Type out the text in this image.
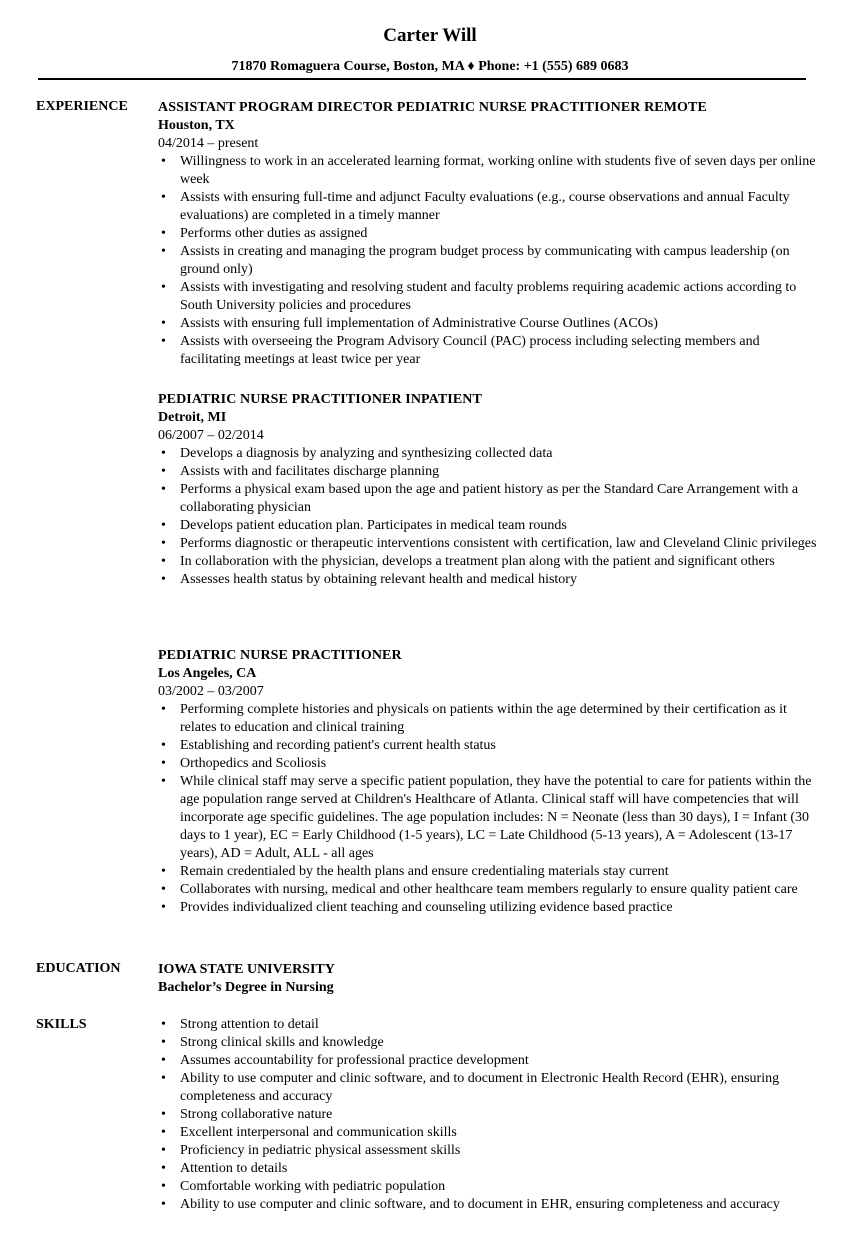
Carter Will
71870 Romaguera Course, Boston, MA ♦ Phone: +1 (555) 689 0683
EXPERIENCE ASSISTANT PROGRAM DIRECTOR PEDIATRIC NURSE PRACTITIONER REMOTE
Houston, TX
04/2014 – present
• Willingness to work in an accelerated learning format, working online with students five of seven days per online week
• Assists with ensuring full-time and adjunct Faculty evaluations (e.g., course observations and annual Faculty evaluations) are completed in a timely manner
• Performs other duties as assigned
• Assists in creating and managing the program budget process by communicating with campus leadership (on ground only)
• Assists with investigating and resolving student and faculty problems requiring academic actions according to South University policies and procedures
• Assists with ensuring full implementation of Administrative Course Outlines (ACOs)
• Assists with overseeing the Program Advisory Council (PAC) process including selecting members and facilitating meetings at least twice per year
PEDIATRIC NURSE PRACTITIONER INPATIENT
Detroit, MI
06/2007 – 02/2014
• Develops a diagnosis by analyzing and synthesizing collected data
• Assists with and facilitates discharge planning
• Performs a physical exam based upon the age and patient history as per the Standard Care Arrangement with a collaborating physician
• Develops patient education plan. Participates in medical team rounds
• Performs diagnostic or therapeutic interventions consistent with certification, law and Cleveland Clinic privileges
• In collaboration with the physician, develops a treatment plan along with the patient and significant others
• Assesses health status by obtaining relevant health and medical history
PEDIATRIC NURSE PRACTITIONER
Los Angeles, CA
03/2002 – 03/2007
• Performing complete histories and physicals on patients within the age determined by their certification as it relates to education and clinical training
• Establishing and recording patient's current health status
• Orthopedics and Scoliosis
• While clinical staff may serve a specific patient population, they have the potential to care for patients within the age population range served at Children's Healthcare of Atlanta. Clinical staff will have competencies that will incorporate age specific guidelines. The age population includes: N = Neonate (less than 30 days), I = Infant (30 days to 1 year), EC = Early Childhood (1-5 years), LC = Late Childhood (5-13 years), A = Adolescent (13-17 years), AD = Adult, ALL - all ages
• Remain credentialed by the health plans and ensure credentialing materials stay current
• Collaborates with nursing, medical and other healthcare team members regularly to ensure quality patient care
• Provides individualized client teaching and counseling utilizing evidence based practice
EDUCATION	IOWA STATE UNIVERSITY
Bachelor’s Degree in Nursing
SKILLS	• Strong attention to detail
• Strong clinical skills and knowledge
• Assumes accountability for professional practice development
• Ability to use computer and clinic software, and to document in Electronic Health Record (EHR), ensuring completeness and accuracy
• Strong collaborative nature
• Excellent interpersonal and communication skills
• Proficiency in pediatric physical assessment skills
• Attention to details
• Comfortable working with pediatric population
• Ability to use computer and clinic software, and to document in EHR, ensuring completeness and accuracy
